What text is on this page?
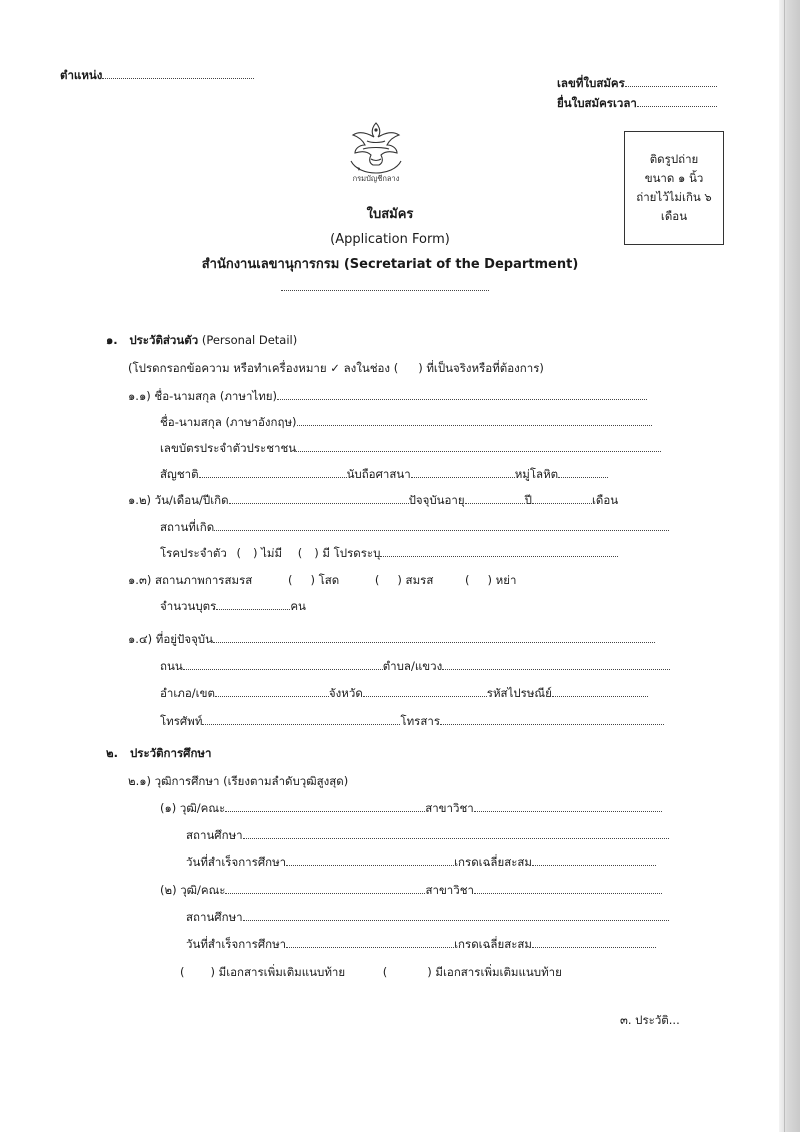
ตำแหน่ง
เลขที่ใบสมัคร
ยื่นใบสมัครเวลา
กรมบัญชีกลาง
ติดรูปถ่าย
ขนาด ๑ นิ้ว
ถ่ายไว้ไม่เกิน ๖
เดือน
ใบสมัคร
(Application Form)
สำนักงานเลขานุการกรม (Secretariat of the Department)
๑. ประวัติส่วนตัว (Personal Detail)
(โปรดกรอกข้อความ หรือทำเครื่องหมาย ✓ ลงในช่อง ( ) ที่เป็นจริงหรือที่ต้องการ)
๑.๑) ชื่อ-นามสกุล (ภาษาไทย)
ชื่อ-นามสกุล (ภาษาอังกฤษ)
เลขบัตรประจำตัวประชาชน
สัญชาติ	นับถือศาสนา	หมู่โลหิต
๑.๒) วัน/เดือน/ปีเกิด	ปัจจุบันอายุ	ปี	เดือน
สถานที่เกิด
โรคประจำตัว ( ) ไม่มี ( ) มี โปรดระบุ
๑.๓) สถานภาพการสมรส	( ) โสด	( ) สมรส	( ) หย่า
จำนวนบุตร	คน
๑.๔) ที่อยู่ปัจจุบัน
ถนน	ตำบล/แขวง
อำเภอ/เขต	จังหวัด	รหัสไปรษณีย์
โทรศัพท์	โทรสาร
๒. ประวัติการศึกษา
๒.๑) วุฒิการศึกษา (เรียงตามลำดับวุฒิสูงสุด)
(๑) วุฒิ/คณะ	สาขาวิชา
สถานศึกษา
วันที่สำเร็จการศึกษา	เกรดเฉลี่ยสะสม
(๒) วุฒิ/คณะ	สาขาวิชา
สถานศึกษา
วันที่สำเร็จการศึกษา	เกรดเฉลี่ยสะสม
( ) มีเอกสารเพิ่มเติมแนบท้าย	(	) มีเอกสารเพิ่มเติมแนบท้าย
๓. ประวัติ...
